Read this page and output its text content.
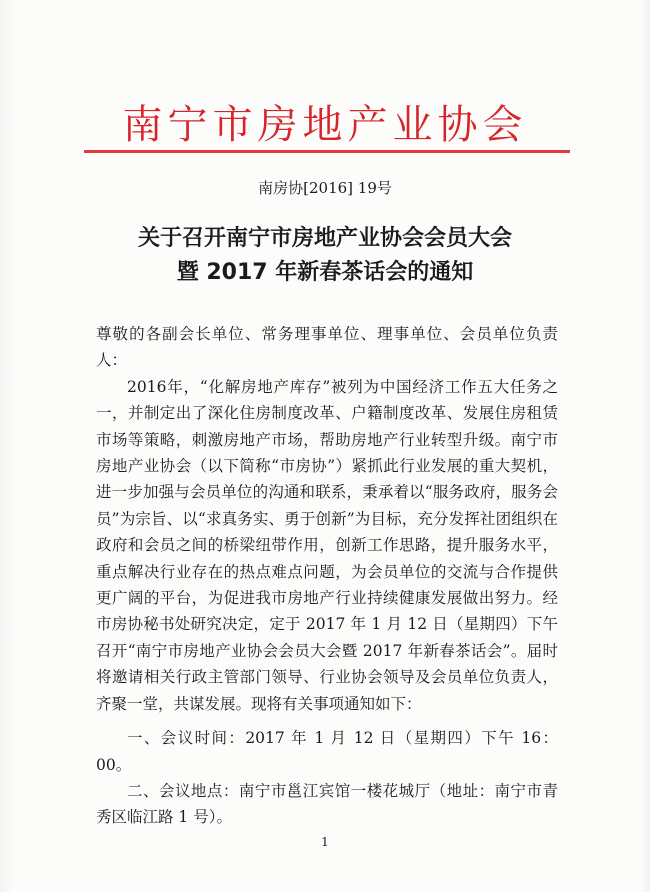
南宁市房地产业协会
南房协[2016] 19号
关于召开南宁市房地产业协会会员大会
暨 2017 年新春茶话会的通知

尊敬的各副会长单位、常务理事单位、理事单位、会员单位负责人：

2016年，“化解房地产库存”被列为中国经济工作五大任务之一，并制定出了深化住房制度改革、户籍制度改革、发展住房租赁市场等策略，刺激房地产市场，帮助房地产行业转型升级。南宁市房地产业协会（以下简称“市房协”）紧抓此行业发展的重大契机，进一步加强与会员单位的沟通和联系，秉承着以“服务政府，服务会员”为宗旨、以“求真务实、勇于创新”为目标，充分发挥社团组织在政府和会员之间的桥梁纽带作用，创新工作思路，提升服务水平，重点解决行业存在的热点难点问题，为会员单位的交流与合作提供更广阔的平台，为促进我市房地产行业持续健康发展做出努力。经市房协秘书处研究决定，定于 2017 年 1 月 12 日（星期四）下午召开“南宁市房地产业协会会员大会暨 2017 年新春茶话会”。届时将邀请相关行政主管部门领导、行业协会领导及会员单位负责人，齐聚一堂，共谋发展。现将有关事项通知如下：

一、会议时间：2017 年 1 月 12 日（星期四）下午 16：00。

二、会议地点：南宁市邕江宾馆一楼花城厅（地址：南宁市青秀区临江路 1 号）。

1
